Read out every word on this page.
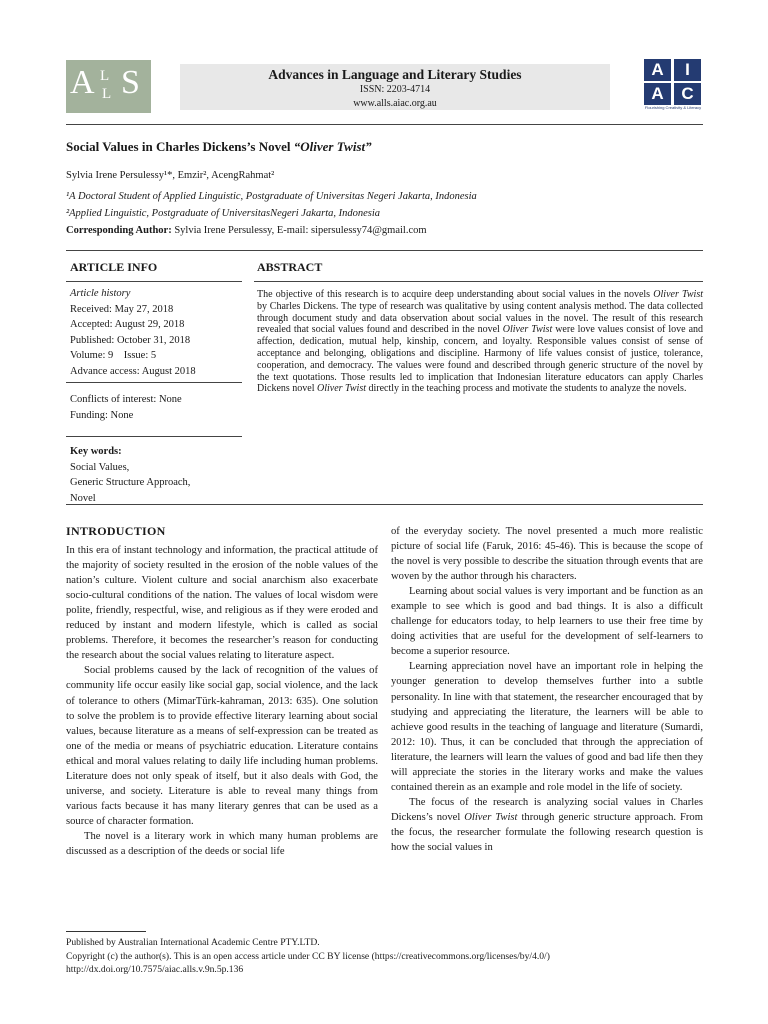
A L
L S	Advances in Language and Literary Studies
ISSN: 2203-4714
www.alls.aiac.org.au
A	I
A	C
Flourishing Creativity & Literacy
Social Values in Charles Dickens’s Novel “Oliver Twist”
Sylvia Irene Persulessy¹*, Emzir², AcengRahmat²
¹A Doctoral Student of Applied Linguistic, Postgraduate of Universitas Negeri Jakarta, Indonesia
²Applied Linguistic, Postgraduate of UniversitasNegeri Jakarta, Indonesia
Corresponding Author: Sylvia Irene Persulessy, E-mail: sipersulessy74@gmail.com
ARTICLE INFO
Article history
Received: May 27, 2018
Accepted: August 29, 2018
Published: October 31, 2018
Volume: 9    Issue: 5
Advance access: August 2018
Conflicts of interest: None
Funding: None
Key words:
Social Values,
Generic Structure Approach,
Novel
ABSTRACT
The objective of this research is to acquire deep understanding about social values in the novels Oliver Twist by Charles Dickens. The type of research was qualitative by using content analysis method. The data collected through document study and data observation about social values in the novel. The result of this research revealed that social values found and described in the novel Oliver Twist were love values consist of love and affection, dedication, mutual help, kinship, concern, and loyalty. Responsible values consist of sense of acceptance and belonging, obligations and discipline. Harmony of life values consist of justice, tolerance, cooperation, and democracy. The values were found and described through generic structure of the novel by the text quotations. Those results led to implication that Indonesian literature educators can apply Charles Dickens novel Oliver Twist directly in the teaching process and motivate the students to analyze the novels.
INTRODUCTION

In this era of instant technology and information, the practical attitude of the majority of society resulted in the erosion of the noble values of the nation’s culture. Violent culture and social anarchism also exacerbate socio-cultural conditions of the nation. The values of local wisdom were polite, friendly, respectful, wise, and religious as if they were eroded and reduced by instant and modern lifestyle, which is called as social problems. Therefore, it becomes the researcher’s reason for conducting the research about the social values relating to literature aspect.

Social problems caused by the lack of recognition of the values of community life occur easily like social gap, social violence, and the lack of tolerance to others (MimarTürk-kahraman, 2013: 635). One solution to solve the problem is to provide effective literary learning about social values, because literature as a means of self-expression can be treated as one of the media or means of psychiatric education. Literature contains ethical and moral values relating to daily life including human problems. Literature does not only speak of itself, but it also deals with God, the universe, and society. Literature is able to reveal many things from various facts because it has many literary genres that can be used as a source of character formation.

The novel is a literary work in which many human problems are discussed as a description of the deeds or social life

of the everyday society. The novel presented a much more realistic picture of social life (Faruk, 2016: 45-46). This is because the scope of the novel is very possible to describe the situation through events that are woven by the author through his characters.

Learning about social values is very important and be function as an example to see which is good and bad things. It is also a difficult challenge for educators today, to help learners to use their free time by doing activities that are useful for the development of self-learners to become a superior resource.

Learning appreciation novel have an important role in helping the younger generation to develop themselves further into a subtle personality. In line with that statement, the researcher encouraged that by studying and appreciating the literature, the learners will be able to achieve good results in the teaching of language and literature (Sumardi, 2012: 10). Thus, it can be concluded that through the appreciation of literature, the learners will learn the values of good and bad life then they will appreciate the stories in the literary works and make the values contained therein as an example and role model in the life of society.

The focus of the research is analyzing social values in Charles Dickens’s novel Oliver Twist through generic structure approach. From the focus, the researcher formulate the following research question is how the social values in

Published by Australian International Academic Centre PTY.LTD.
Copyright (c) the author(s). This is an open access article under CC BY license (https://creativecommons.org/licenses/by/4.0/)
http://dx.doi.org/10.7575/aiac.alls.v.9n.5p.136
